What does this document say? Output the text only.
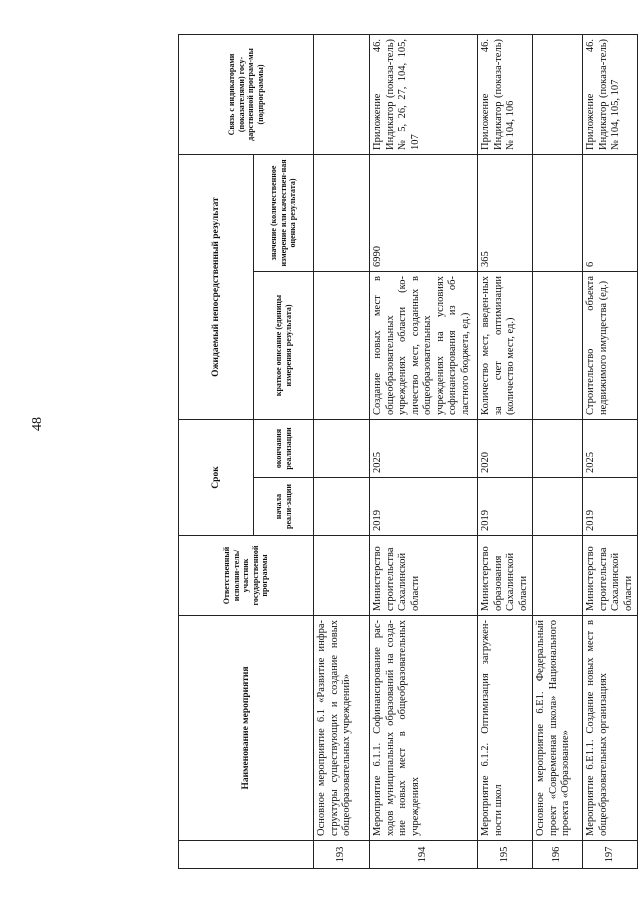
48
	Наименование мероприятия	Ответственный исполни-тель/участник государственной программы	Срок		Ожидаемый непосредственный результат		Связь с индикаторами (показателями) госу-дарственной програм-мы (подпрограммы)
			начала реали-зации	окончания реализации	краткое описание (единицы измерения результата)	значение (количественное измерение или качествен-ная оценка результата)	
193	Основное мероприятие 6.1 «Развитие инфра-структуры существующих и создание новых общеобразовательных учреждений»						
194	Мероприятие 6.1.1. Софинансирование рас-ходов муниципальных образований на созда-ние новых мест в общеобразовательных учреждениях	Министерство строительства Сахалинской области	2019	2025	Создание новых мест в общеобразовательных учреждениях области (ко-личество мест, созданных в общеобразовательных учреждениях на условиях софинансирования из об-ластного бюджета, ед.)	6990	Приложение 46. Индикатор (показа-тель) № 5, 26, 27, 104, 105, 107
195	Мероприятие 6.1.2. Оптимизация загружен-ности школ	Министерство образования Сахалинской области	2019	2020	Количество мест, введен-ных за счет оптимизации (количество мест, ед.)	365	Приложение 46. Индикатор (показа-тель) № 104, 106
196	Основное мероприятие 6.Е1. Федеральный проект «Современная школа» Национального проекта «Образование»						
197	Мероприятие 6.Е1.1. Создание новых мест в общеобразовательных организациях	Министерство строительства Сахалинской области	2019	2025	Строительство объекта недвижимого имущества (ед.)	6	Приложение 46. Индикатор (показа-тель) № 104, 105, 107
